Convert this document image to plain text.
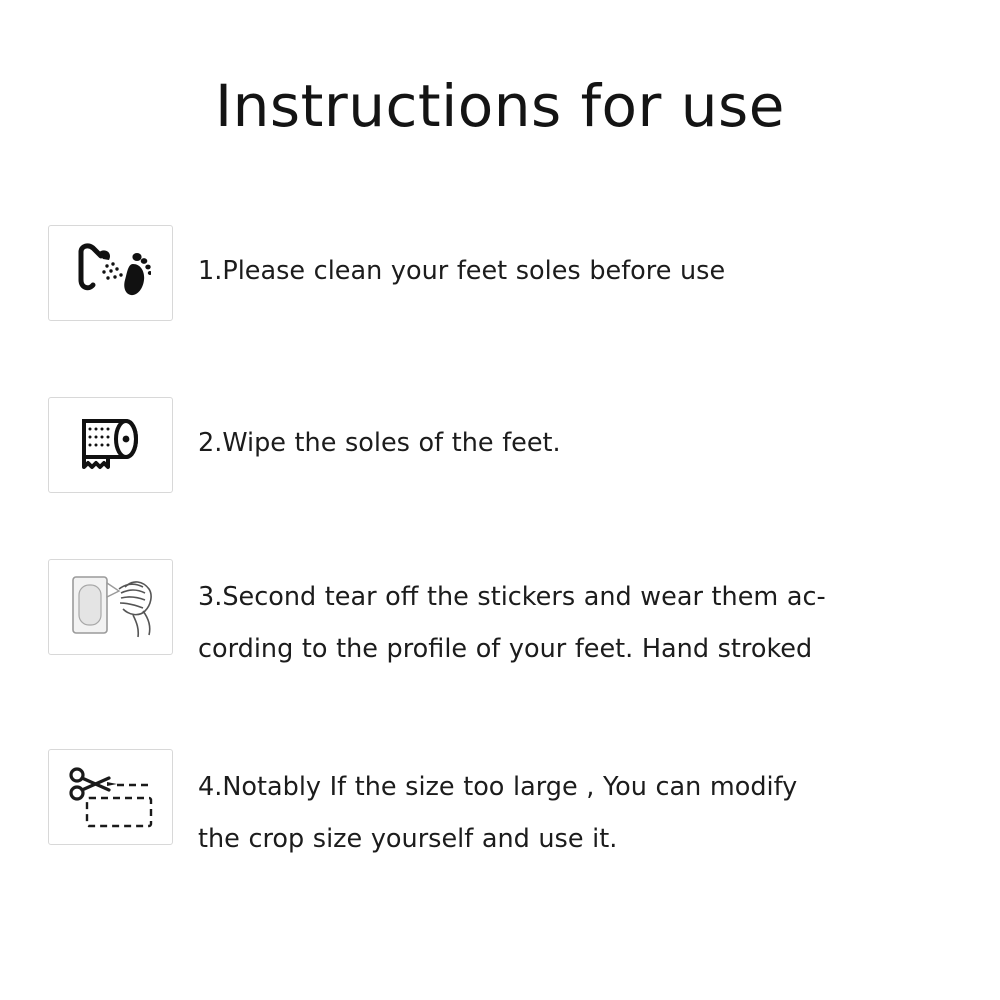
Instructions for use
1.Please clean your feet soles before use
2.Wipe the soles of the feet.
3.Second tear off the stickers and wear them ac-
cording to the profile of your feet. Hand stroked
4.Notably If the size too large , You can modify
the crop size yourself and use it.
